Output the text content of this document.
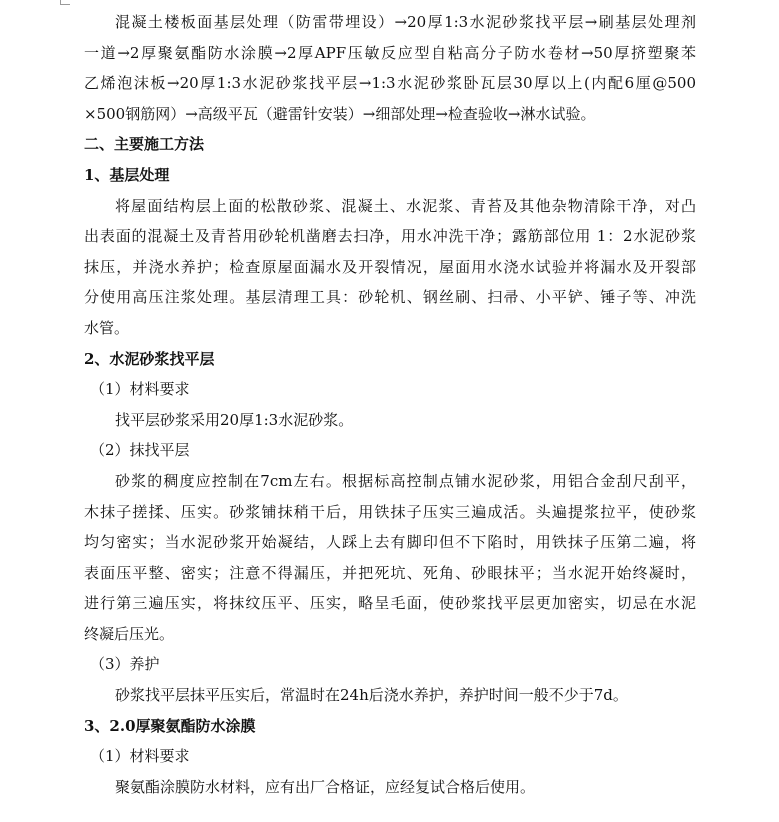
混凝土楼板面基层处理（防雷带埋设）→20厚1:3水泥砂浆找平层→刷基层处理剂
一道→2厚聚氨酯防水涂膜→2厚APF压敏反应型自粘高分子防水卷材→50厚挤塑聚苯
乙烯泡沫板→20厚1:3水泥砂浆找平层→1:3水泥砂浆卧瓦层30厚以上(内配6厘@500
×500钢筋网）→高级平瓦（避雷针安装）→细部处理→检查验收→淋水试验。
二、主要施工方法
1、基层处理
将屋面结构层上面的松散砂浆、混凝土、水泥浆、青苔及其他杂物清除干净，对凸
出表面的混凝土及青苔用砂轮机凿磨去扫净，用水冲洗干净；露筋部位用 1：2水泥砂浆
抹压，并浇水养护；检查原屋面漏水及开裂情况，屋面用水浇水试验并将漏水及开裂部
分使用高压注浆处理。基层清理工具：砂轮机、钢丝刷、扫帚、小平铲、锤子等、冲洗
水管。
2、水泥砂浆找平层
（1）材料要求
找平层砂浆采用20厚1:3水泥砂浆。
（2）抹找平层
砂浆的稠度应控制在7cm左右。根据标高控制点铺水泥砂浆，用铝合金刮尺刮平，
木抹子搓揉、压实。砂浆铺抹稍干后，用铁抹子压实三遍成活。头遍提浆拉平，使砂浆
均匀密实；当水泥砂浆开始凝结，人踩上去有脚印但不下陷时，用铁抹子压第二遍，将
表面压平整、密实；注意不得漏压，并把死坑、死角、砂眼抹平；当水泥开始终凝时，
进行第三遍压实，将抹纹压平、压实，略呈毛面，使砂浆找平层更加密实，切忌在水泥
终凝后压光。
（3）养护
砂浆找平层抹平压实后，常温时在24h后浇水养护，养护时间一般不少于7d。
3、2.0厚聚氨酯防水涂膜
（1）材料要求
聚氨酯涂膜防水材料，应有出厂合格证，应经复试合格后使用。
